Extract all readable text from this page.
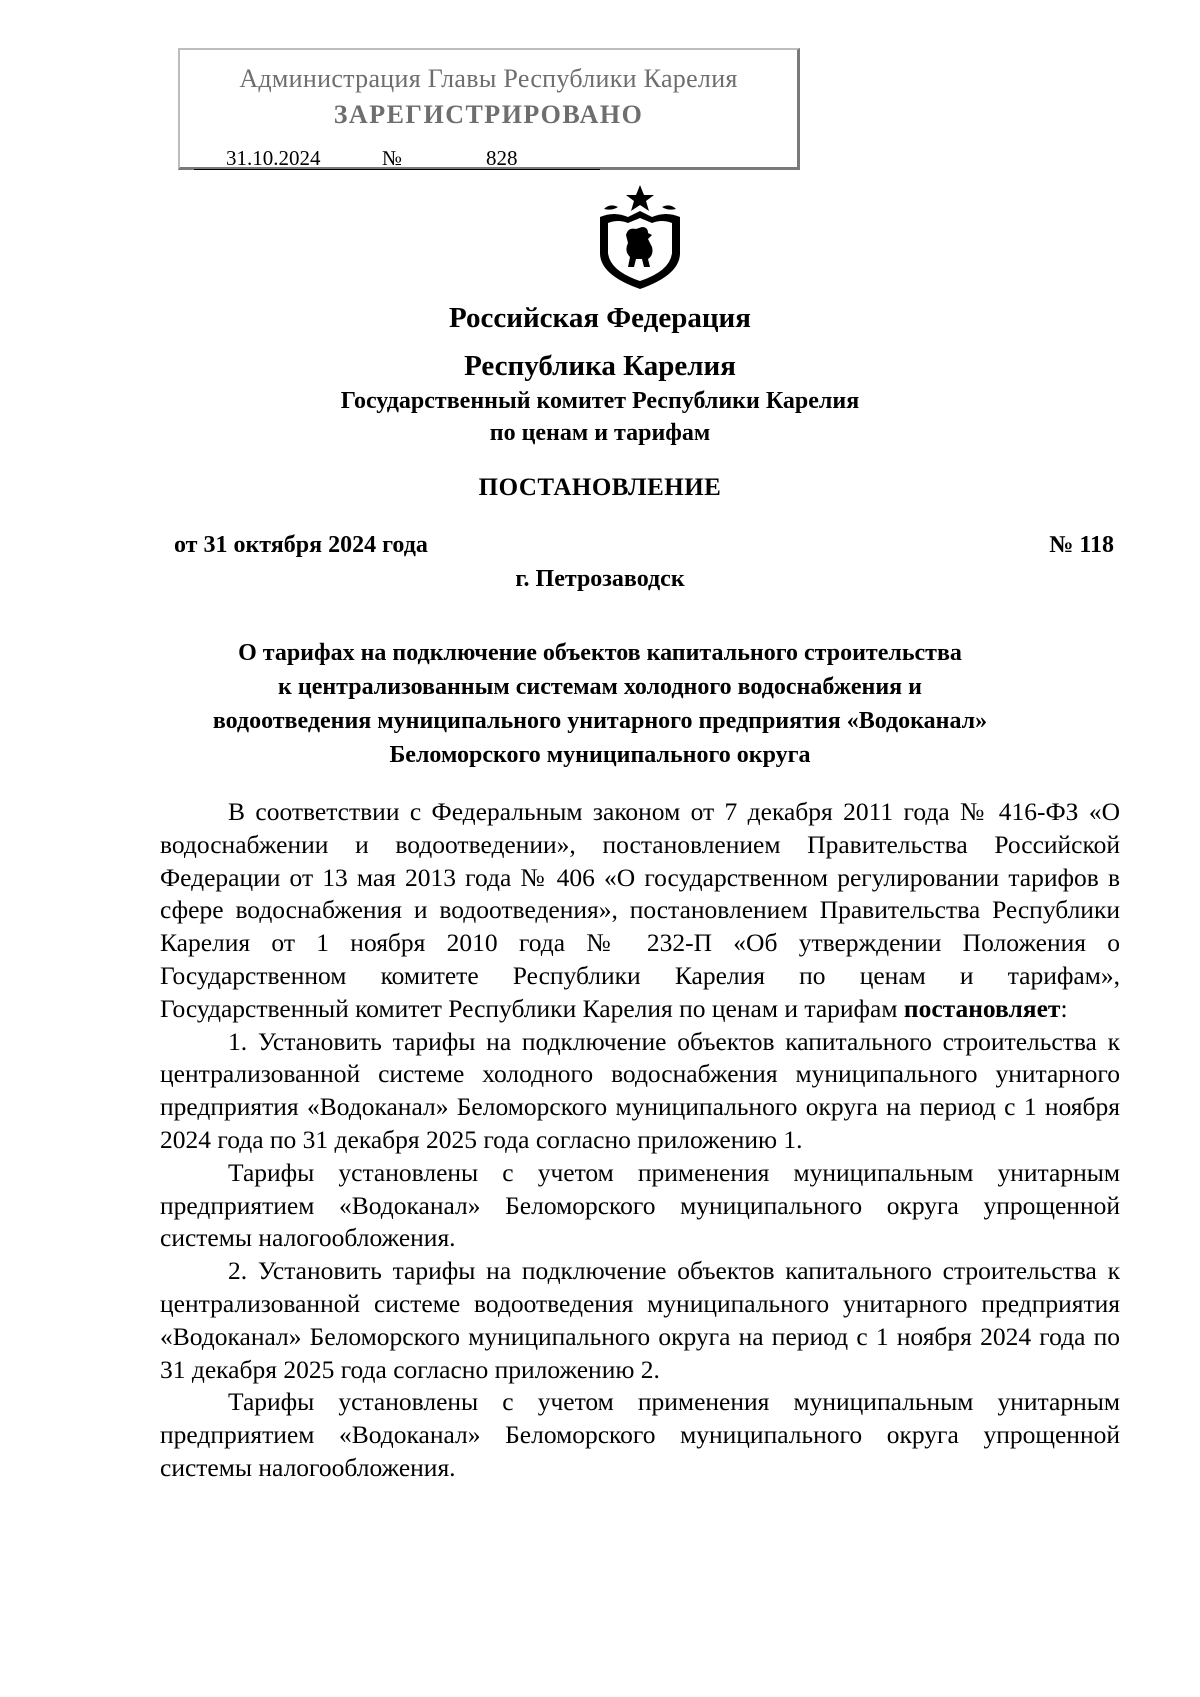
Администрация Главы Республики Карелия
ЗАРЕГИСТРИРОВАНО
31.10.2024	№	828
Российская Федерация
Республика Карелия
Государственный комитет Республики Карелия
по ценам и тарифам
ПОСТАНОВЛЕНИЕ
от 31 октября 2024 года	№ 118
г. Петрозаводск
О тарифах на подключение объектов капитального строительства
к централизованным системам холодного водоснабжения и
водоотведения муниципального унитарного предприятия «Водоканал»
Беломорского муниципального округа

В соответствии с Федеральным законом от 7 декабря 2011 года № 416-ФЗ «О водоснабжении и водоотведении», постановлением Правительства Российской Федерации от 13 мая 2013 года № 406 «О государственном регулировании тарифов в сфере водоснабжения и водоотведения», постановлением Правительства Республики Карелия от 1 ноября 2010 года № 232-П «Об утверждении Положения о Государственном комитете Республики Карелия по ценам и тарифам», Государственный комитет Республики Карелия по ценам и тарифам постановляет:

1. Установить тарифы на подключение объектов капитального строительства к централизованной системе холодного водоснабжения муниципального унитарного предприятия «Водоканал» Беломорского муниципального округа на период с 1 ноября 2024 года по 31 декабря 2025 года согласно приложению 1.

Тарифы установлены с учетом применения муниципальным унитарным предприятием «Водоканал» Беломорского муниципального округа упрощенной системы налогообложения.

2. Установить тарифы на подключение объектов капитального строительства к централизованной системе водоотведения муниципального унитарного предприятия «Водоканал» Беломорского муниципального округа на период с 1 ноября 2024 года по 31 декабря 2025 года согласно приложению 2.

Тарифы установлены с учетом применения муниципальным унитарным предприятием «Водоканал» Беломорского муниципального округа упрощенной системы налогообложения.
